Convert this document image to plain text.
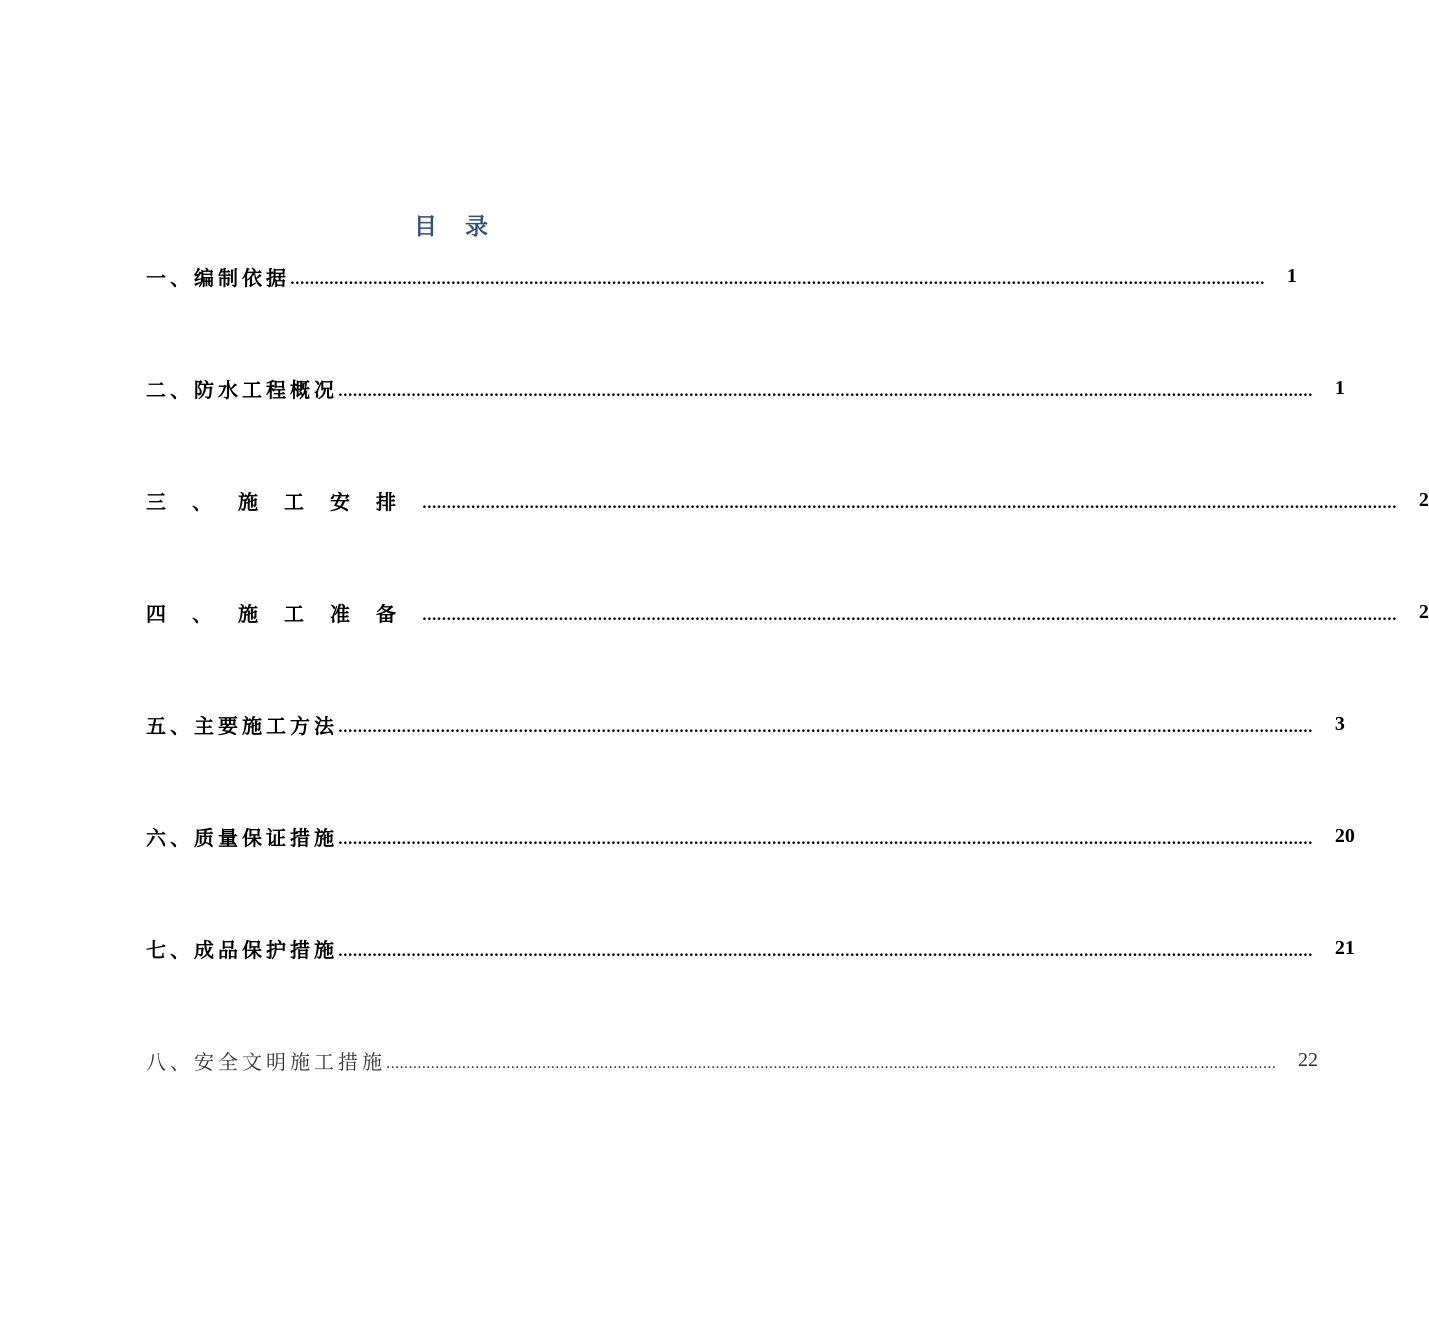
目录
一、编制依据 ........................................................................................................................................................................................................ 1
二、防水工程概况 ........................................................................................................................................................................................................ 1
三、施工安排 ........................................................................................................................................................................................................ 2
四、施工准备 ........................................................................................................................................................................................................ 2
五、主要施工方法 ........................................................................................................................................................................................................ 3
六、质量保证措施 ........................................................................................................................................................................................................ 20
七、成品保护措施 ........................................................................................................................................................................................................ 21
八、安全文明施工措施 ........................................................................................................................................................................................................ 22
